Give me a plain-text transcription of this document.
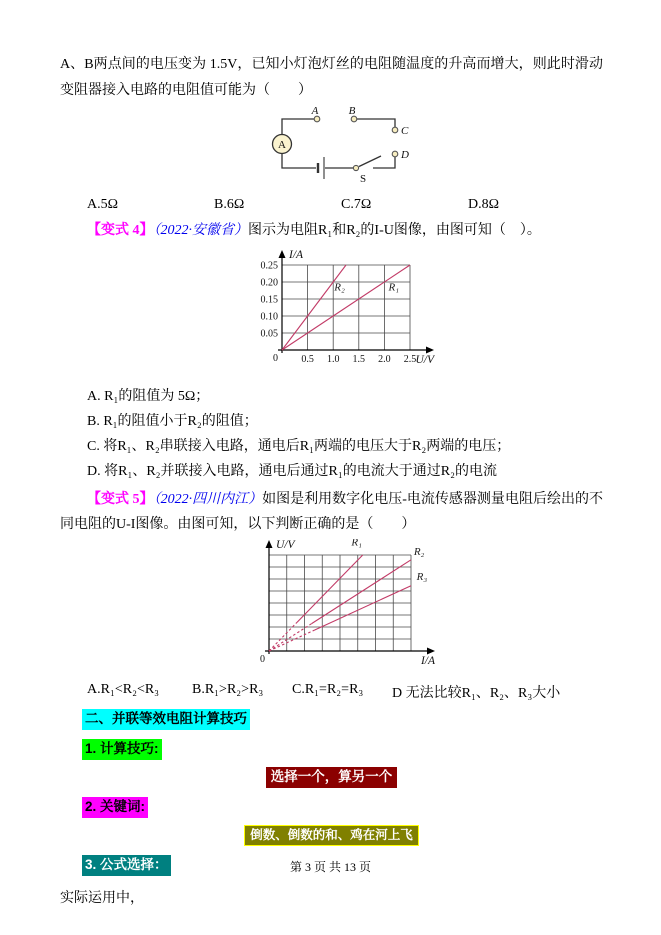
A、B两点间的电压变为 1.5V，已知小灯泡灯丝的电阻随温度的升高而增大，则此时滑动变阻器接入电路的电阻值可能为（　　）

S
A
A	B
C
D
A.5Ω	B.6Ω	C.7Ω	D.8Ω

【变式 4】（2022·安徽省）图示为电阻R₁和R₂的I-U图像，由图可知（　）。

I/A
U/V
0 0.5 1.0 1.5 2.0 2.5
0.05
0.10
0.15
0.20
0.25
R₂	R₁
A. R₁的阻值为 5Ω；
B. R₁的阻值小于R₂的阻值；
C. 将R₁、R₂串联接入电路，通电后R₁两端的电压大于R₂两端的电压；
D. 将R₁、R₂并联接入电路，通电后通过R₁的电流大于通过R₂的电流

【变式 5】（2022·四川内江）如图是利用数字化电压-电流传感器测量电阻后绘出的不同电阻的U-I图像。由图可知，以下判断正确的是（　　）

U/V
I/A
0
R₁
R₂
R₃
A.R₁<R₂<R₃	B.R₁>R₂>R₃	C.R₁=R₂=R₃	D 无法比较R₁、R₂、R₃大小
二、并联等效电阻计算技巧
1. 计算技巧:
选择一个，算另一个
2. 关键词:
倒数、倒数的和、鸡在河上飞
3. 公式选择：

实际运用中，

第 3 页 共 13 页
